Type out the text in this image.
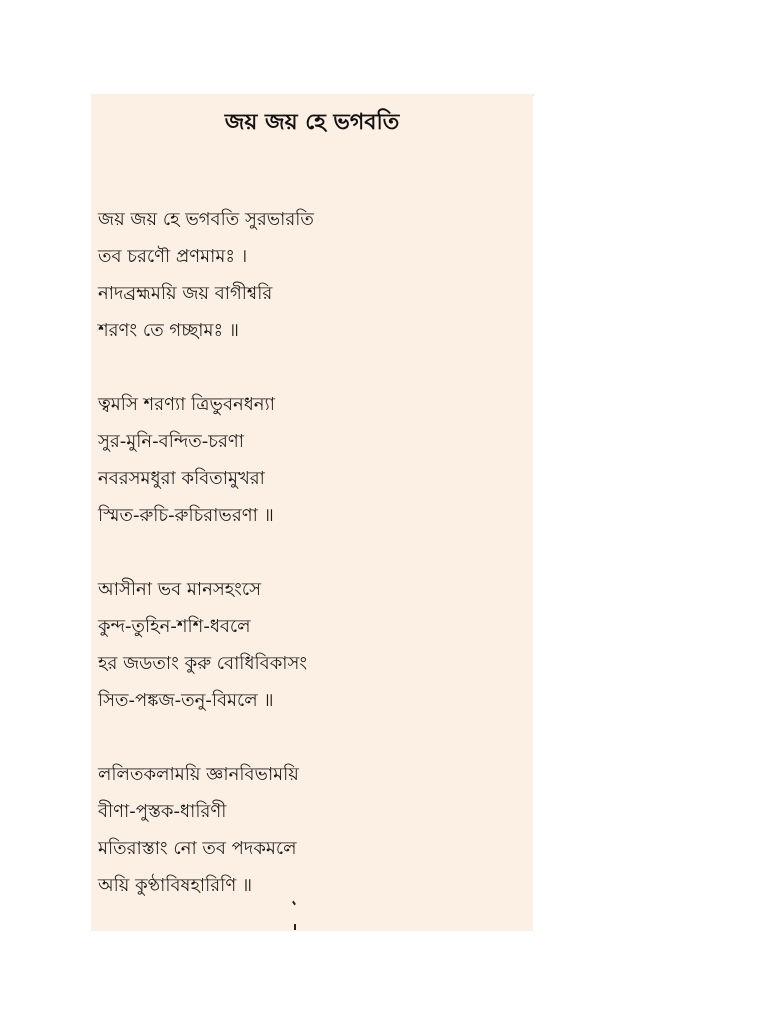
জয় জয় হে ভগবতি
জয় জয় হে ভগবতি সুরভারতি
তব চরণৌ প্রণমামঃ ।
নাদব্রহ্মময়ি জয় বাগীশ্বরি
শরণং তে গচ্ছামঃ ॥
ত্বমসি শরণ্যা ত্রিভুবনধন্যা
সুর-মুনি-বন্দিত-চরণা
নবরসমধুরা কবিতামুখরা
স্মিত-রুচি-রুচিরাভরণা ॥
আসীনা ভব মানসহংসে
কুন্দ-তুহিন-শশি-ধবলে
হর জডতাং কুরু বোধিবিকাসং
সিত-পঙ্কজ-তনু-বিমলে ॥
ললিতকলাময়ি জ্ঞানবিভাময়ি
বীণা-পুস্তক-ধারিণী
মতিরাস্তাং নো তব পদকমলে
অয়ি কুণ্ঠাবিষহারিণি ॥
